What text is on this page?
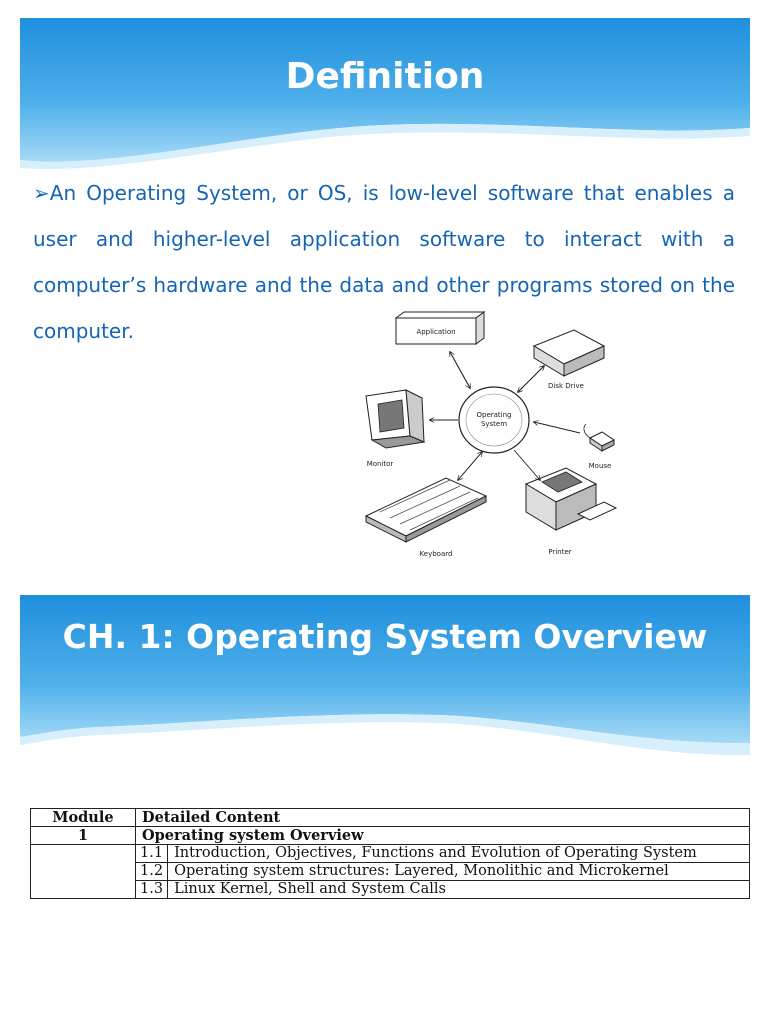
Definition

➢An Operating System, or OS, is low-level software that enables a user and higher-level application software to interact with a computer’s hardware and the data and other programs stored on the computer.

Operating
System
Application
Disk Drive
Mouse
Monitor
Keyboard	Printer
CH. 1: Operating System Overview
Module	Detailed Content	
1	Operating system Overview	
	1.1	Introduction, Objectives, Functions and Evolution of Operating System
	1.2	Operating system structures: Layered, Monolithic and Microkernel
	1.3	Linux Kernel, Shell and System Calls
